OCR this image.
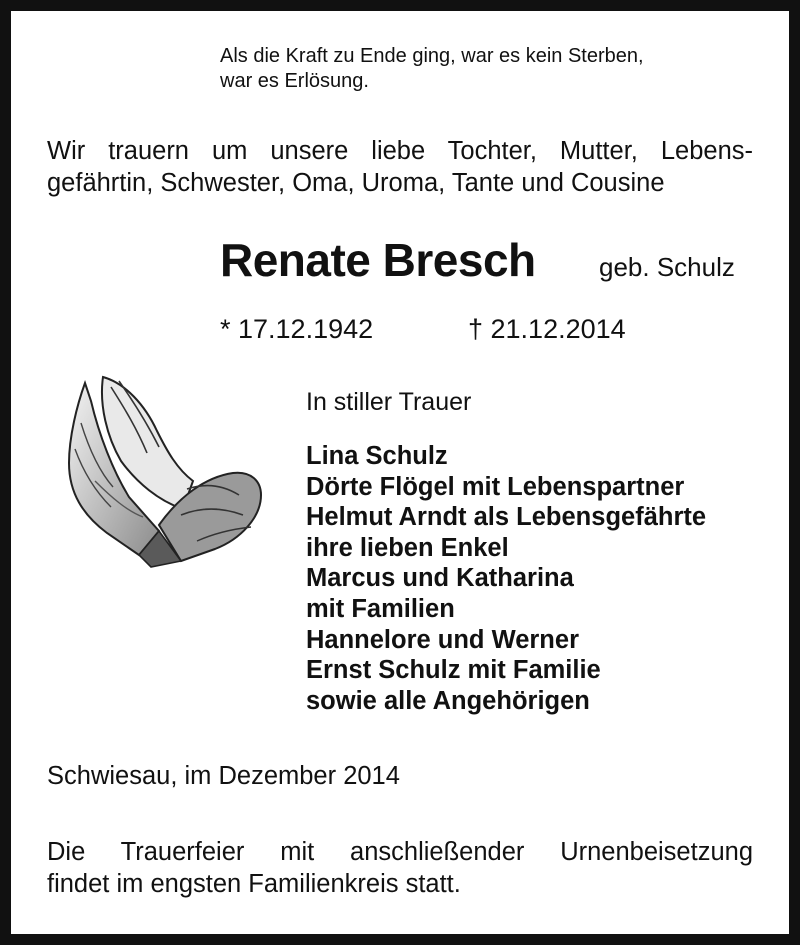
Als die Kraft zu Ende ging, war es kein Sterben,
war es Erlösung.
Wir trauern um unsere liebe Tochter, Mutter, Lebens-
gefährtin, Schwester, Oma, Uroma, Tante und Cousine
Renate Bresch geb. Schulz
* 17.12.1942	† 21.12.2014
In stiller Trauer
Lina Schulz
Dörte Flögel mit Lebenspartner
Helmut Arndt als Lebensgefährte
ihre lieben Enkel
Marcus und Katharina
mit Familien
Hannelore und Werner
Ernst Schulz mit Familie
sowie alle Angehörigen
Schwiesau, im Dezember 2014
Die Trauerfeier mit anschließender Urnenbeisetzung
findet im engsten Familienkreis statt.
